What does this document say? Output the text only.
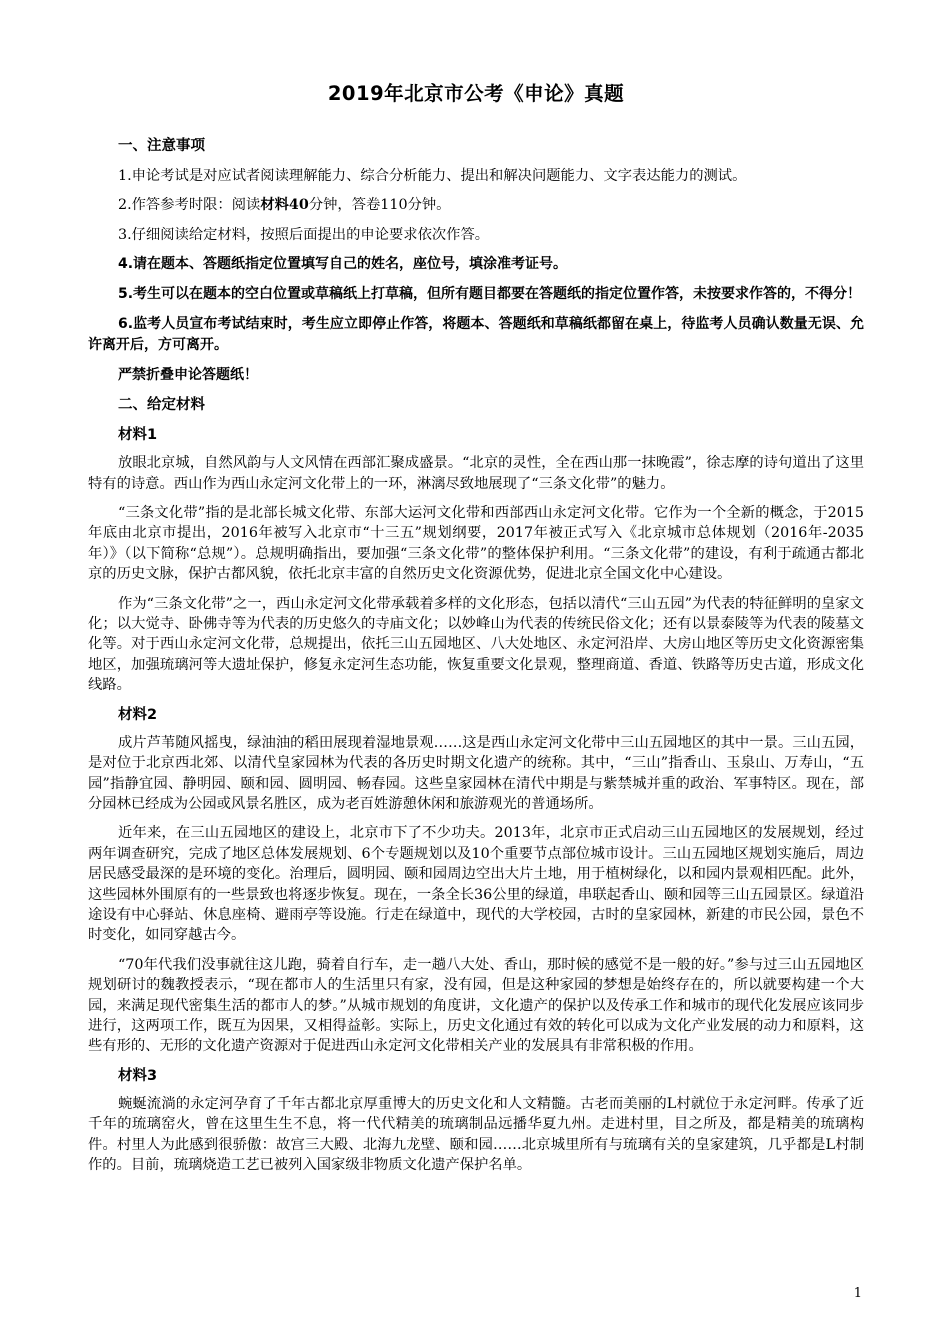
2019年北京市公考《申论》真题
一、注意事项
1.申论考试是对应试者阅读理解能力、综合分析能力、提出和解决问题能力、文字表达能力的测试。
2.作答参考时限：阅读材料40分钟，答卷110分钟。
3.仔细阅读给定材料，按照后面提出的申论要求依次作答。
4.请在题本、答题纸指定位置填写自己的姓名，座位号，填涂准考证号。
5.考生可以在题本的空白位置或草稿纸上打草稿，但所有题目都要在答题纸的指定位置作答，未按要求作答的，不得分！
6.监考人员宣布考试结束时，考生应立即停止作答，将题本、答题纸和草稿纸都留在桌上，待监考人员确认数量无误、允许离开后，方可离开。
严禁折叠申论答题纸！
二、给定材料
材料1
放眼北京城，自然风韵与人文风情在西部汇聚成盛景。“北京的灵性，全在西山那一抹晚霞”，徐志摩的诗句道出了这里特有的诗意。西山作为西山永定河文化带上的一环，淋漓尽致地展现了“三条文化带”的魅力。
“三条文化带”指的是北部长城文化带、东部大运河文化带和西部西山永定河文化带。它作为一个全新的概念，于2015年底由北京市提出，2016年被写入北京市“十三五”规划纲要，2017年被正式写入《北京城市总体规划（2016年-2035年）》（以下简称“总规”）。总规明确指出，要加强“三条文化带”的整体保护利用。“三条文化带”的建设，有利于疏通古都北京的历史文脉，保护古都风貌，依托北京丰富的自然历史文化资源优势，促进北京全国文化中心建设。
作为“三条文化带”之一，西山永定河文化带承载着多样的文化形态，包括以清代“三山五园”为代表的特征鲜明的皇家文化；以大觉寺、卧佛寺等为代表的历史悠久的寺庙文化；以妙峰山为代表的传统民俗文化；还有以景泰陵等为代表的陵墓文化等。对于西山永定河文化带，总规提出，依托三山五园地区、八大处地区、永定河沿岸、大房山地区等历史文化资源密集地区，加强琉璃河等大遗址保护，修复永定河生态功能，恢复重要文化景观，整理商道、香道、铁路等历史古道，形成文化线路。
材料2
成片芦苇随风摇曳，绿油油的稻田展现着湿地景观……这是西山永定河文化带中三山五园地区的其中一景。三山五园，是对位于北京西北郊、以清代皇家园林为代表的各历史时期文化遗产的统称。其中，“三山”指香山、玉泉山、万寿山，“五园”指静宜园、静明园、颐和园、圆明园、畅春园。这些皇家园林在清代中期是与紫禁城并重的政治、军事特区。现在，部分园林已经成为公园或风景名胜区，成为老百姓游憩休闲和旅游观光的普通场所。
近年来，在三山五园地区的建设上，北京市下了不少功夫。2013年，北京市正式启动三山五园地区的发展规划，经过两年调查研究，完成了地区总体发展规划、6个专题规划以及10个重要节点部位城市设计。三山五园地区规划实施后，周边居民感受最深的是环境的变化。治理后，圆明园、颐和园周边空出大片土地，用于植树绿化，以和园内景观相匹配。此外，这些园林外围原有的一些景致也将逐步恢复。现在，一条全长36公里的绿道，串联起香山、颐和园等三山五园景区。绿道沿途设有中心驿站、休息座椅、避雨亭等设施。行走在绿道中，现代的大学校园，古时的皇家园林，新建的市民公园，景色不时变化，如同穿越古今。
“70年代我们没事就往这儿跑，骑着自行车，走一趟八大处、香山，那时候的感觉不是一般的好。”参与过三山五园地区规划研讨的魏教授表示，“现在都市人的生活里只有家，没有园，但是这种家园的梦想是始终存在的，所以就要构建一个大园，来满足现代密集生活的都市人的梦。”从城市规划的角度讲，文化遗产的保护以及传承工作和城市的现代化发展应该同步进行，这两项工作，既互为因果，又相得益彰。实际上，历史文化通过有效的转化可以成为文化产业发展的动力和原料，这些有形的、无形的文化遗产资源对于促进西山永定河文化带相关产业的发展具有非常积极的作用。
材料3
蜿蜒流淌的永定河孕育了千年古都北京厚重博大的历史文化和人文精髓。古老而美丽的L村就位于永定河畔。传承了近千年的琉璃窑火，曾在这里生生不息，将一代代精美的琉璃制品远播华夏九州。走进村里，目之所及，都是精美的琉璃构件。村里人为此感到很骄傲：故宫三大殿、北海九龙壁、颐和园……北京城里所有与琉璃有关的皇家建筑，几乎都是L村制作的。目前，琉璃烧造工艺已被列入国家级非物质文化遗产保护名单。
1
